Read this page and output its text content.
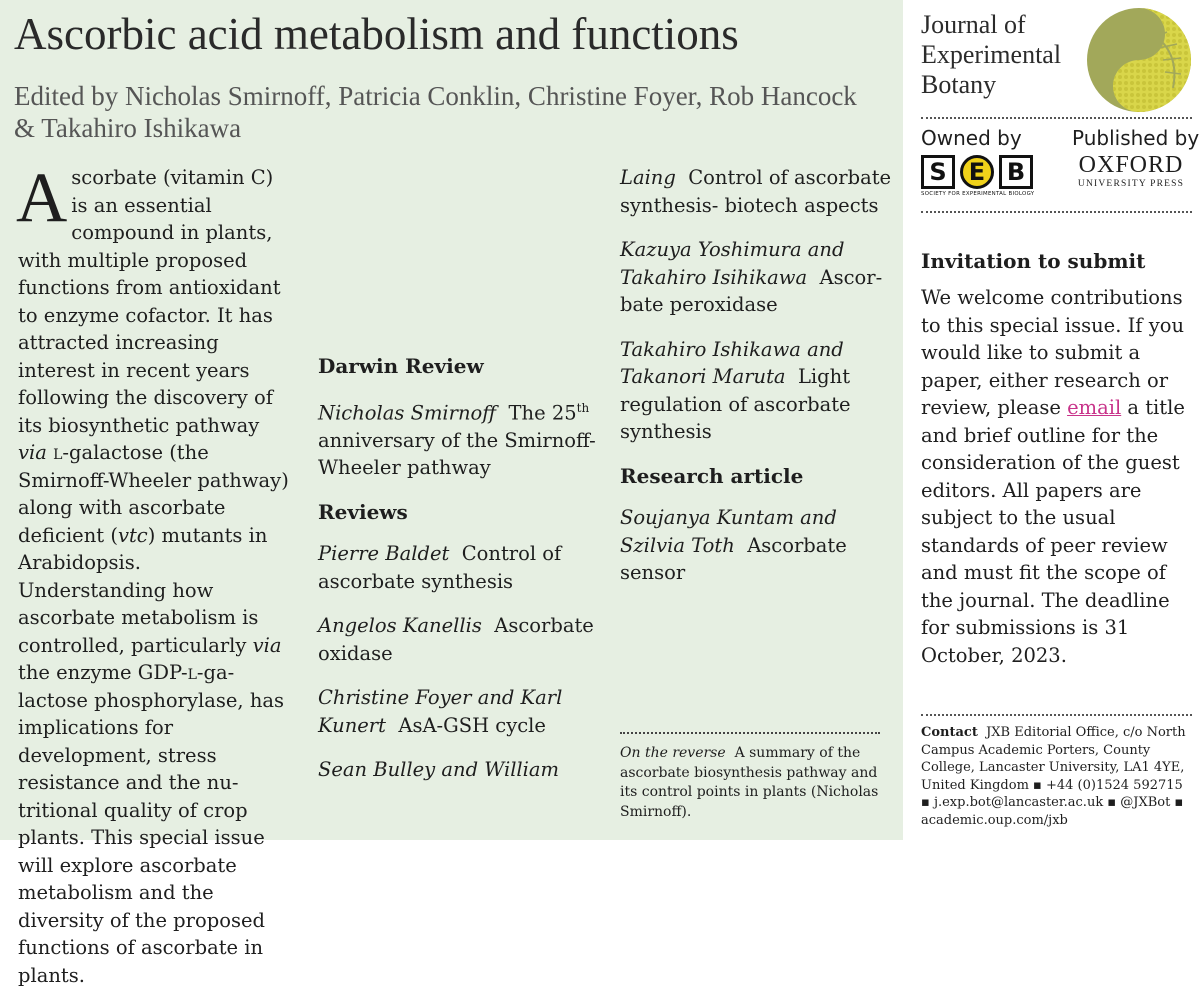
Ascorbic acid metabolism and functions

Edited by Nicholas Smirnoff, Patricia Conklin, Christine Foyer, Rob Hancock & Takahiro Ishikawa

Ascorbate (vitamin C) is an essential compound in plants, with multiple proposed functions from antioxidant to enzyme cofactor. It has attracted increasing interest in recent years following the discovery of its biosynthetic pathway via l-galactose (the Smirnoff-Wheeler pathway) along with ascorbate deficient (vtc) mutants in Arabidopsis. Understanding how ascorbate metabolism is controlled, particularly via the enzyme GDP-l-galactose phosphorylase, has implications for development, stress resistance and the nutritional quality of crop plants. This special issue will explore ascorbate metabolism and the diversity of the proposed functions of ascorbate in plants.

Darwin Review

Nicholas Smirnoff The 25th anniversary of the Smirnoff-Wheeler pathway

Reviews

Pierre Baldet Control of ascorbate synthesis

Angelos Kanellis Ascorbate oxidase

Christine Foyer and Karl Kunert AsA-GSH cycle

Sean Bulley and William

Laing Control of ascorbate synthesis- biotech aspects

Kazuya Yoshimura and Takahiro Isihikawa Ascorbate peroxidase

Takahiro Ishikawa and Takanori Maruta Light regulation of ascorbate synthesis

Research article

Soujanya Kuntam and Szilvia Toth Ascorbate sensor

On the reverse A summary of the ascorbate biosynthesis pathway and its control points in plants (Nicholas Smirnoff).
Journal of
Experimental
Botany
Owned by	Published by
S E B
SOCIETY FOR EXPERIMENTAL BIOLOGY
OXFORD
UNIVERSITY PRESS
Invitation to submit

We welcome contributions to this special issue. If you would like to submit a paper, either research or review, please email a title and brief outline for the consideration of the guest editors. All papers are subject to the usual standards of peer review and must fit the scope of the journal. The deadline for submissions is 31 October, 2023.

Contact JXB Editorial Office, c/o North Campus Academic Porters, County College, Lancaster University, LA1 4YE, United Kingdom ▪ +44 (0)1524 592715 ▪ j.exp.bot@lancaster.ac.uk ▪ @JXBot ▪ academic.oup.com/jxb
